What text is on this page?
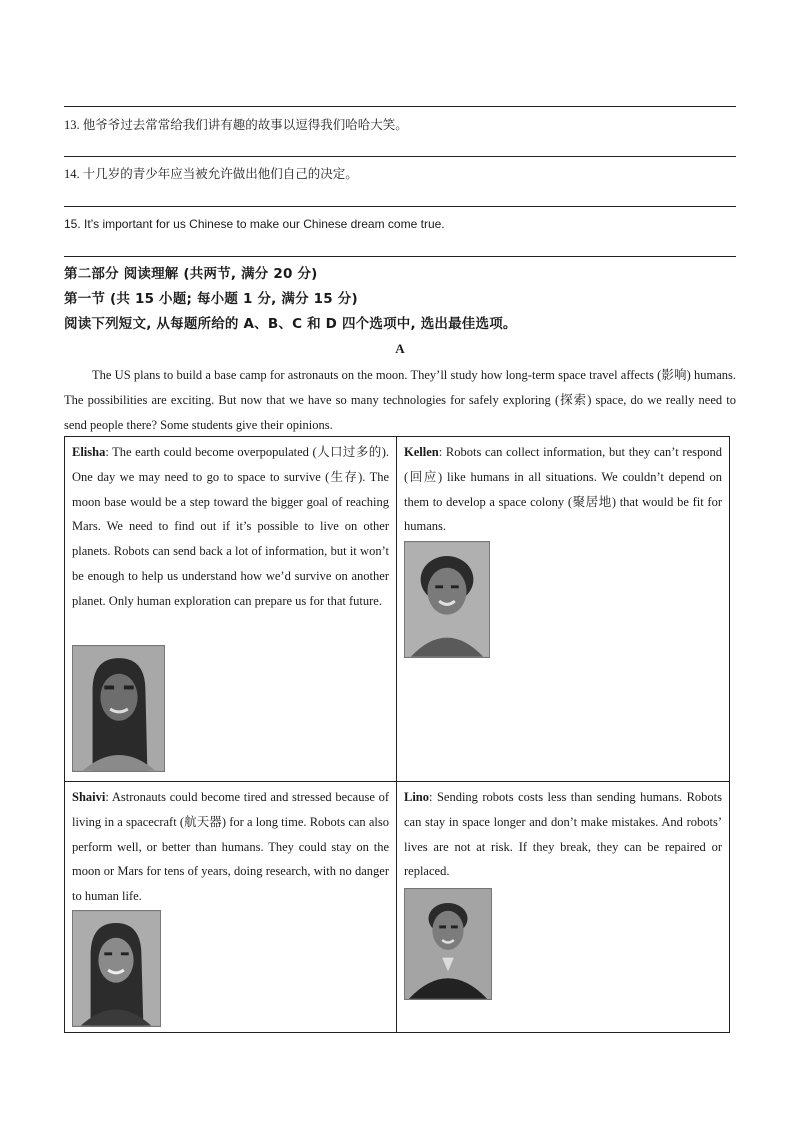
13. 他爷爷过去常常给我们讲有趣的故事以逗得我们哈哈大笑。
14. 十几岁的青少年应当被允许做出他们自己的决定。
15. It’s important for us Chinese to make our Chinese dream come true.
第二部分 阅读理解 (共两节, 满分 20 分)
第一节 (共 15 小题; 每小题 1 分, 满分 15 分)
阅读下列短文, 从每题所给的 A、B、C 和 D 四个选项中, 选出最佳选项。
A
The US plans to build a base camp for astronauts on the moon. They’ll study how long-term space travel affects (影响) humans. The possibilities are exciting. But now that we have so many technologies for safely exploring (探索) space, do we really need to send people there? Some students give their opinions.
Elisha: The earth could become overpopulated (人口过多的). One day we may need to go to space to survive (生存). The moon base would be a step toward the bigger goal of reaching Mars. We need to find out if it’s possible to live on other planets. Robots can send back a lot of information, but it won’t be enough to help us understand how we’d survive on another planet. Only human exploration can prepare us for that future.
Kellen: Robots can collect information, but they can’t respond (回应) like humans in all situations. We couldn’t depend on them to develop a space colony (聚居地) that would be fit for humans.
Shaivi: Astronauts could become tired and stressed because of living in a spacecraft (航天器) for a long time. Robots can also perform well, or better than humans. They could stay on the moon or Mars for tens of years, doing research, with no danger to human life.
Lino: Sending robots costs less than sending humans. Robots can stay in space longer and don’t make mistakes. And robots’ lives are not at risk. If they break, they can be repaired or replaced.
